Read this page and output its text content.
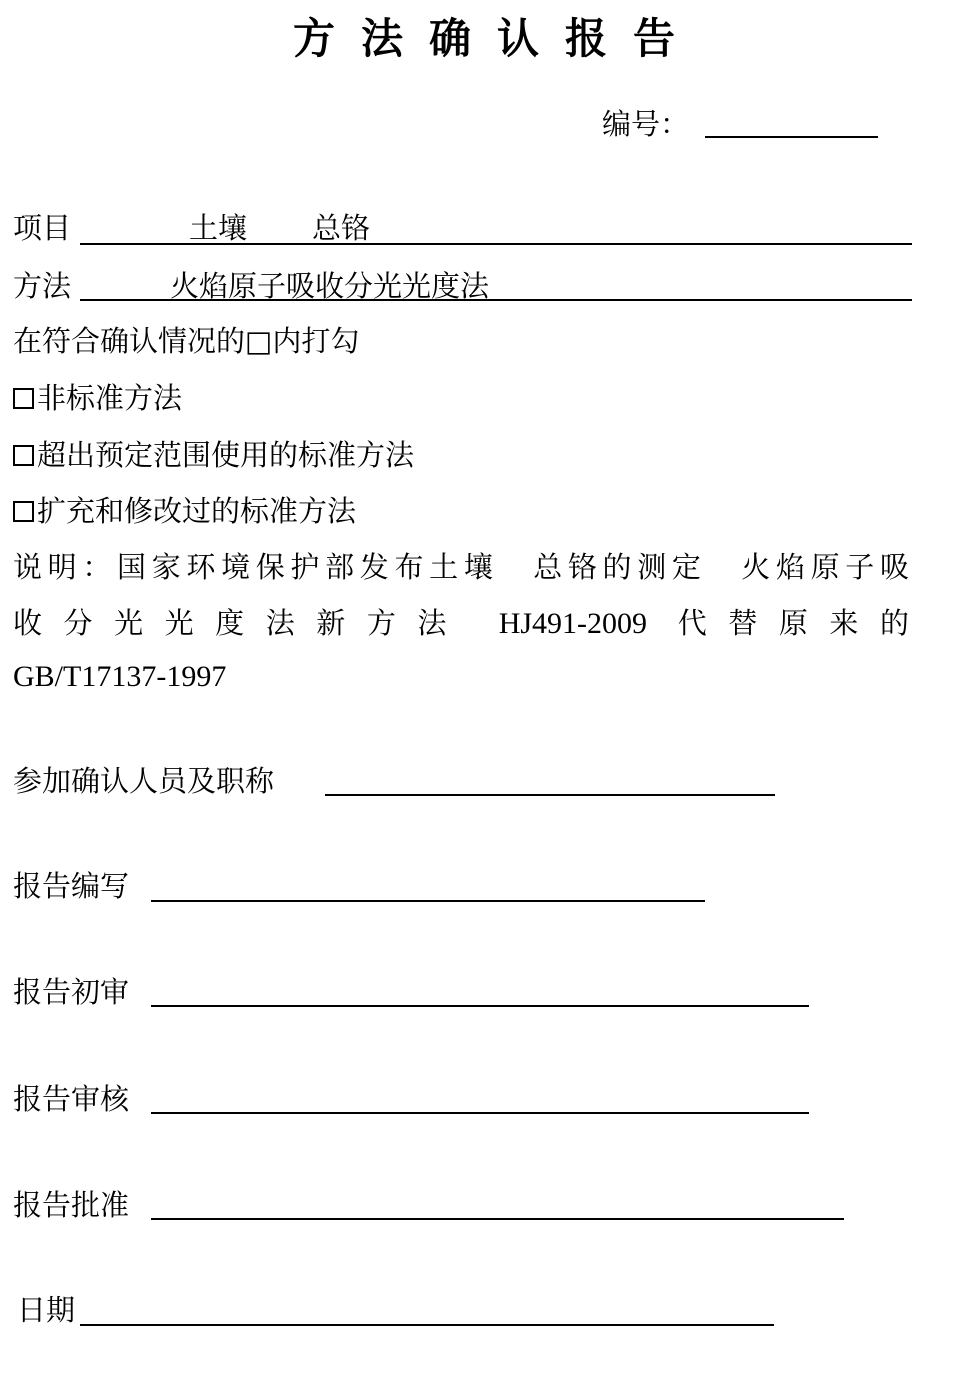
方法确认报告
编号：
项目	土壤 总铬
方法	火焰原子吸收分光光度法
在符合确认情况的□内打勾
非标准方法
超出预定范围使用的标准方法
扩充和修改过的标准方法
说明：国家环境保护部发布土壤　总铬的测定　火焰原子吸
收分光光度法新方法 HJ491-2009 代替原来的
GB/T17137-1997
参加确认人员及职称
报告编写
报告初审
报告审核
报告批准
日期
